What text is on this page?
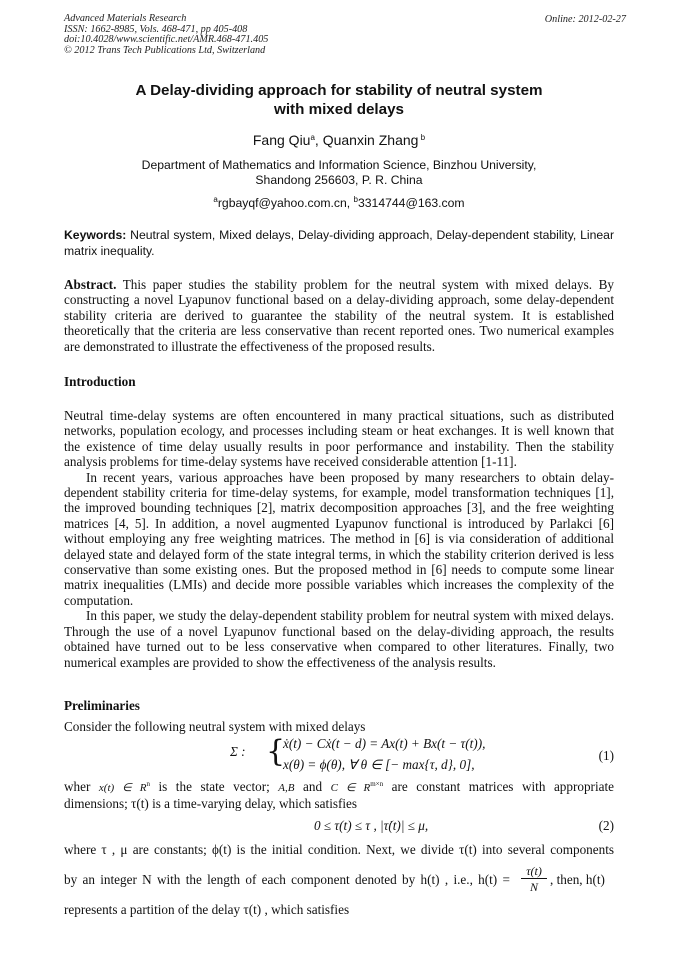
Advanced Materials Research
ISSN: 1662-8985, Vols. 468-471, pp 405-408
doi:10.4028/www.scientific.net/AMR.468-471.405
© 2012 Trans Tech Publications Ltd, Switzerland
Online: 2012-02-27
A Delay-dividing approach for stability of neutral system
with mixed delays
Fang Qiu$^a$, Quanxin Zhang $^b$
Department of Mathematics and Information Science, Binzhou University,
Shandong 256603, P. R. China
$^a$rgbayqf@yahoo.com.cn, $^b$3314744@163.com
Keywords: Neutral system, Mixed delays, Delay-dividing approach, Delay-dependent stability, Linear matrix inequality.
Abstract. This paper studies the stability problem for the neutral system with mixed delays. By constructing a novel Lyapunov functional based on a delay-dividing approach, some delay-dependent stability criteria are derived to guarantee the stability of the neutral system. It is established theoretically that the criteria are less conservative than recent reported ones. Two numerical examples are demonstrated to illustrate the effectiveness of the proposed results.
Introduction

Neutral time-delay systems are often encountered in many practical situations, such as distributed networks, population ecology, and processes including steam or heat exchanges. It is well known that the existence of time delay usually results in poor performance and instability. Then the stability analysis problems for time-delay systems have received considerable attention [1-11].

In recent years, various approaches have been proposed by many researchers to obtain delay-dependent stability criteria for time-delay systems, for example, model transformation techniques [1], the improved bounding techniques [2], matrix decomposition approaches [3], and the free weighting matrices [4, 5]. In addition, a novel augmented Lyapunov functional is introduced by Parlakci [6] without employing any free weighting matrices. The method in [6] is via consideration of additional delayed state and delayed form of the state integral terms, in which the stability criterion derived is less conservative than some existing ones. But the proposed method in [6] needs to compute some linear matrix inequalities (LMIs) and decide more possible variables which increases the complexity of the computation.

In this paper, we study the delay-dependent stability problem for neutral system with mixed delays. Through the use of a novel Lyapunov functional based on the delay-dividing approach, the results obtained have turned out to be less conservative when compared to other literatures. Finally, two numerical examples are provided to show the effectiveness of the analysis results.

Preliminaries
Consider the following neutral system with mixed delays
Σ : {
ẋ(t) − Cẋ(t − d) = Ax(t) + Bx(t − τ(t)),
x(θ) = ϕ(θ), ∀ θ ∈ [− max{τ, d}, 0],
(1)
wher x(t) ∈ $R^n$ is the state vector; A,B and C ∈ $R^{m\times n}$ are constant matrices with appropriate
dimensions; τ(t) is a time-varying delay, which satisfies
0 ≤ τ(t) ≤ τ , |τ̇(t)| ≤ μ,	(2)
where τ , μ are constants; ϕ(t) is the initial condition. Next, we divide τ(t) into several components
by an integer N with the length of each component denoted by h(t) , i.e., h(t) =
τ(t)
N , then, h(t)
represents a partition of the delay τ(t) , which satisfies
